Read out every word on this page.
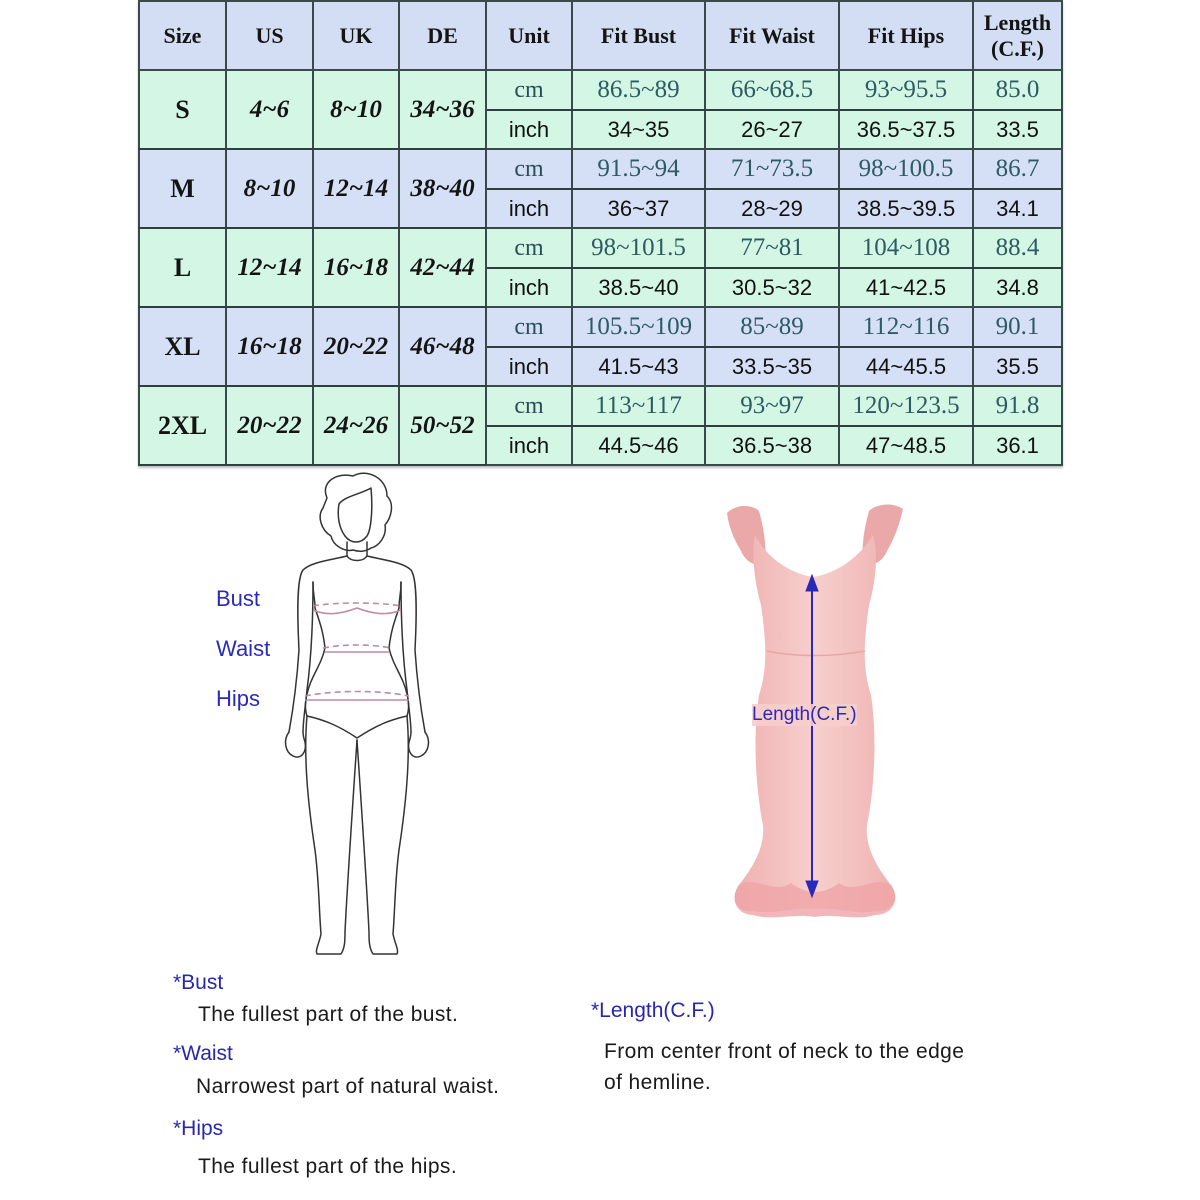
Size	US	UK	DE	Unit	Fit Bust	Fit Waist	Fit Hips	Length
(C.F.)

S	4~6	8~10	34~36	cm	86.5~89	66~68.5	93~95.5	85.0
				inch	34~35	26~27	36.5~37.5	33.5
M	8~10	12~14	38~40	cm	91.5~94	71~73.5	98~100.5	86.7
				inch	36~37	28~29	38.5~39.5	34.1
L	12~14	16~18	42~44	cm	98~101.5	77~81	104~108	88.4
				inch	38.5~40	30.5~32	41~42.5	34.8
XL	16~18	20~22	46~48	cm	105.5~109	85~89	112~116	90.1
				inch	41.5~43	33.5~35	44~45.5	35.5
2XL	20~22	24~26	50~52	cm	113~117	93~97	120~123.5	91.8
				inch	44.5~46	36.5~38	47~48.5	36.1
Bust
Waist
Hips
Length(C.F.)
*Bust
The fullest part of the bust.
*Waist
Narrowest part of natural waist.
*Hips
The fullest part of the hips.
*Length(C.F.)
From center front of neck to the edge
of hemline.
